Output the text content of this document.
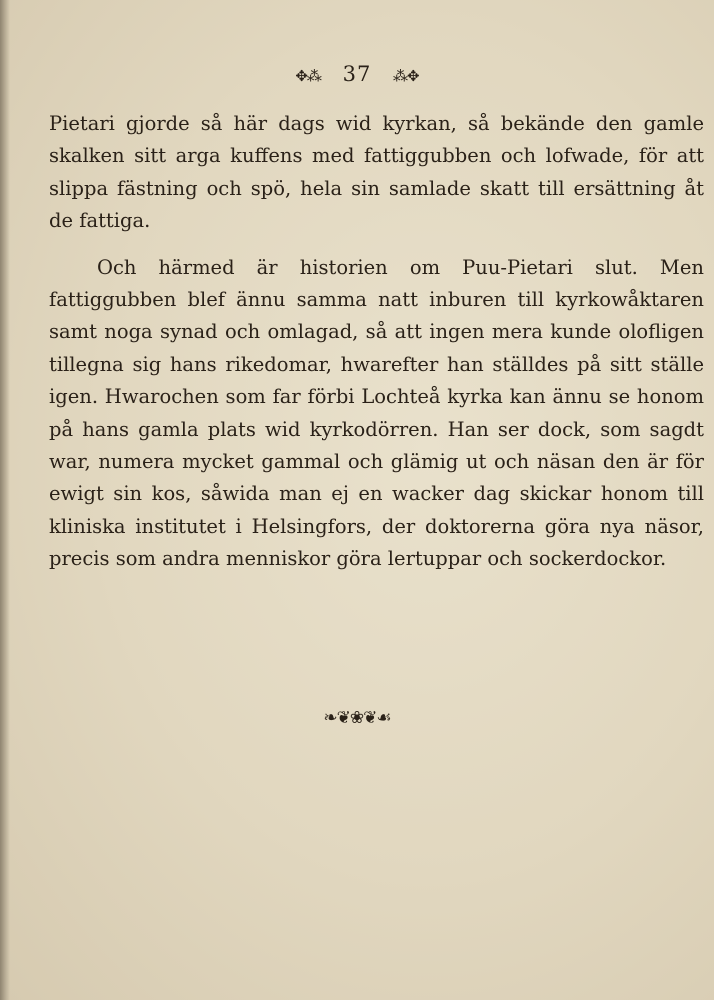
✥⁂ 37 ⁂✥

Pietari gjorde så här dags wid kyrkan, så bekände den gamle skalken sitt arga kuffens med fattiggubben och lofwade, för att slippa fästning och spö, hela sin samlade skatt till ersättning åt de fattiga.

Och härmed är historien om Puu-Pietari slut. Men fattiggubben blef ännu samma natt inburen till kyrkowåktaren samt noga synad och omlagad, så att ingen mera kunde olofligen tillegna sig hans rikedomar, hwarefter han ställdes på sitt ställe igen. Hwarochen som far förbi Lochteå kyrka kan ännu se honom på hans gamla plats wid kyrkodörren. Han ser dock, som sagdt war, numera mycket gammal och glämig ut och näsan den är för ewigt sin kos, såwida man ej en wacker dag skickar honom till kliniska institutet i Helsingfors, der doktorerna göra nya näsor, precis som andra menniskor göra lertuppar och sockerdockor.

❧❦❀❦☙
